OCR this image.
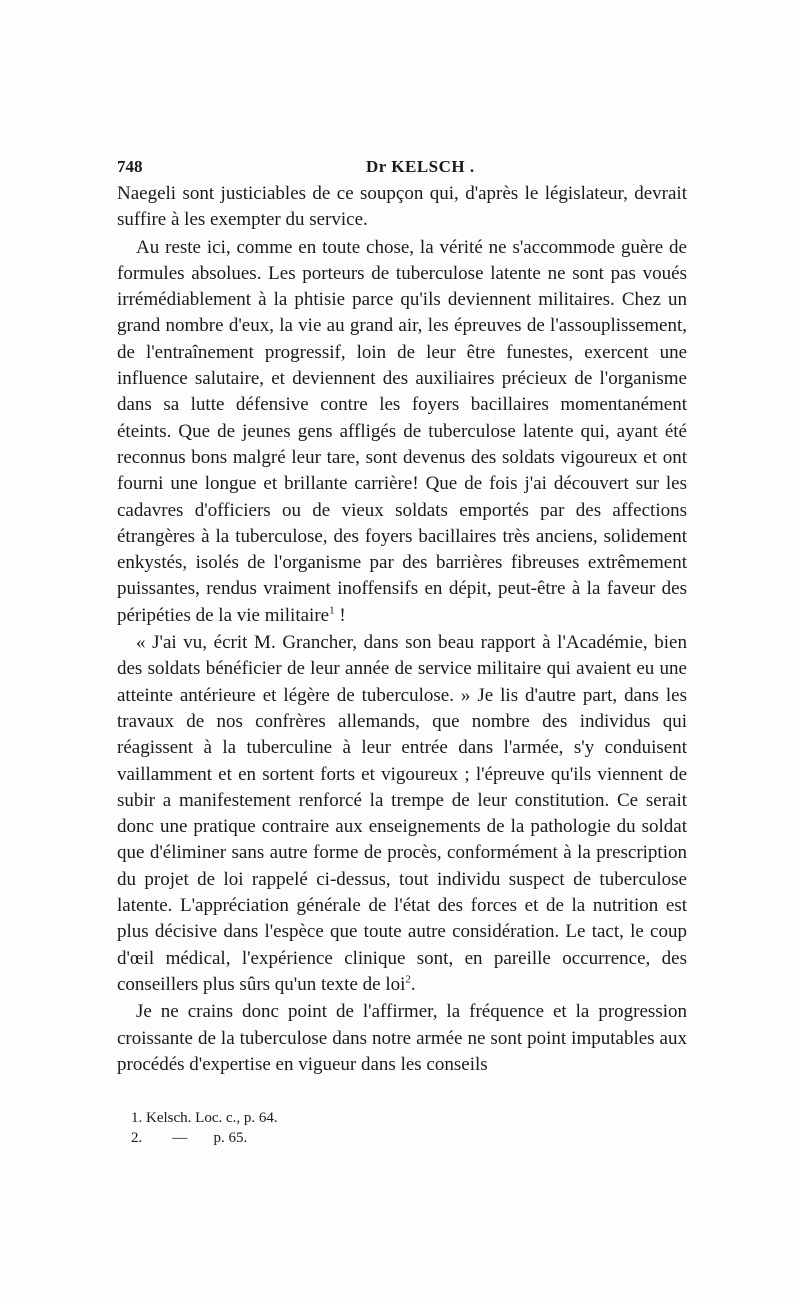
748	Dr KELSCH .

Naegeli sont justiciables de ce soupçon qui, d'après le législateur, devrait suffire à les exempter du service.

Au reste ici, comme en toute chose, la vérité ne s'accommode guère de formules absolues. Les porteurs de tuberculose latente ne sont pas voués irrémédiablement à la phtisie parce qu'ils deviennent militaires. Chez un grand nombre d'eux, la vie au grand air, les épreuves de l'assouplissement, de l'entraînement progressif, loin de leur être funestes, exercent une influence salutaire, et deviennent des auxiliaires précieux de l'organisme dans sa lutte défensive contre les foyers bacillaires momentanément éteints. Que de jeunes gens affligés de tuberculose latente qui, ayant été reconnus bons malgré leur tare, sont devenus des soldats vigoureux et ont fourni une longue et brillante carrière! Que de fois j'ai découvert sur les cadavres d'officiers ou de vieux soldats emportés par des affections étrangères à la tuberculose, des foyers bacillaires très anciens, solidement enkystés, isolés de l'organisme par des barrières fibreuses extrêmement puissantes, rendus vraiment inoffensifs en dépit, peut-être à la faveur des péripéties de la vie militaire$^1$ !

« J'ai vu, écrit M. Grancher, dans son beau rapport à l'Académie, bien des soldats bénéficier de leur année de service militaire qui avaient eu une atteinte antérieure et légère de tuberculose. » Je lis d'autre part, dans les travaux de nos confrères allemands, que nombre des individus qui réagissent à la tuberculine à leur entrée dans l'armée, s'y conduisent vaillamment et en sortent forts et vigoureux ; l'épreuve qu'ils viennent de subir a manifestement renforcé la trempe de leur constitution. Ce serait donc une pratique contraire aux enseignements de la pathologie du soldat que d'éliminer sans autre forme de procès, conformément à la prescription du projet de loi rappelé ci-dessus, tout individu suspect de tuberculose latente. L'appréciation générale de l'état des forces et de la nutrition est plus décisive dans l'espèce que toute autre considération. Le tact, le coup d'œil médical, l'expérience clinique sont, en pareille occurrence, des conseillers plus sûrs qu'un texte de loi$^2$.

Je ne crains donc point de l'affirmer, la fréquence et la progression croissante de la tuberculose dans notre armée ne sont point imputables aux procédés d'expertise en vigueur dans les conseils

1. Kelsch. Loc. c., p. 64.
2.        —       p. 65.
